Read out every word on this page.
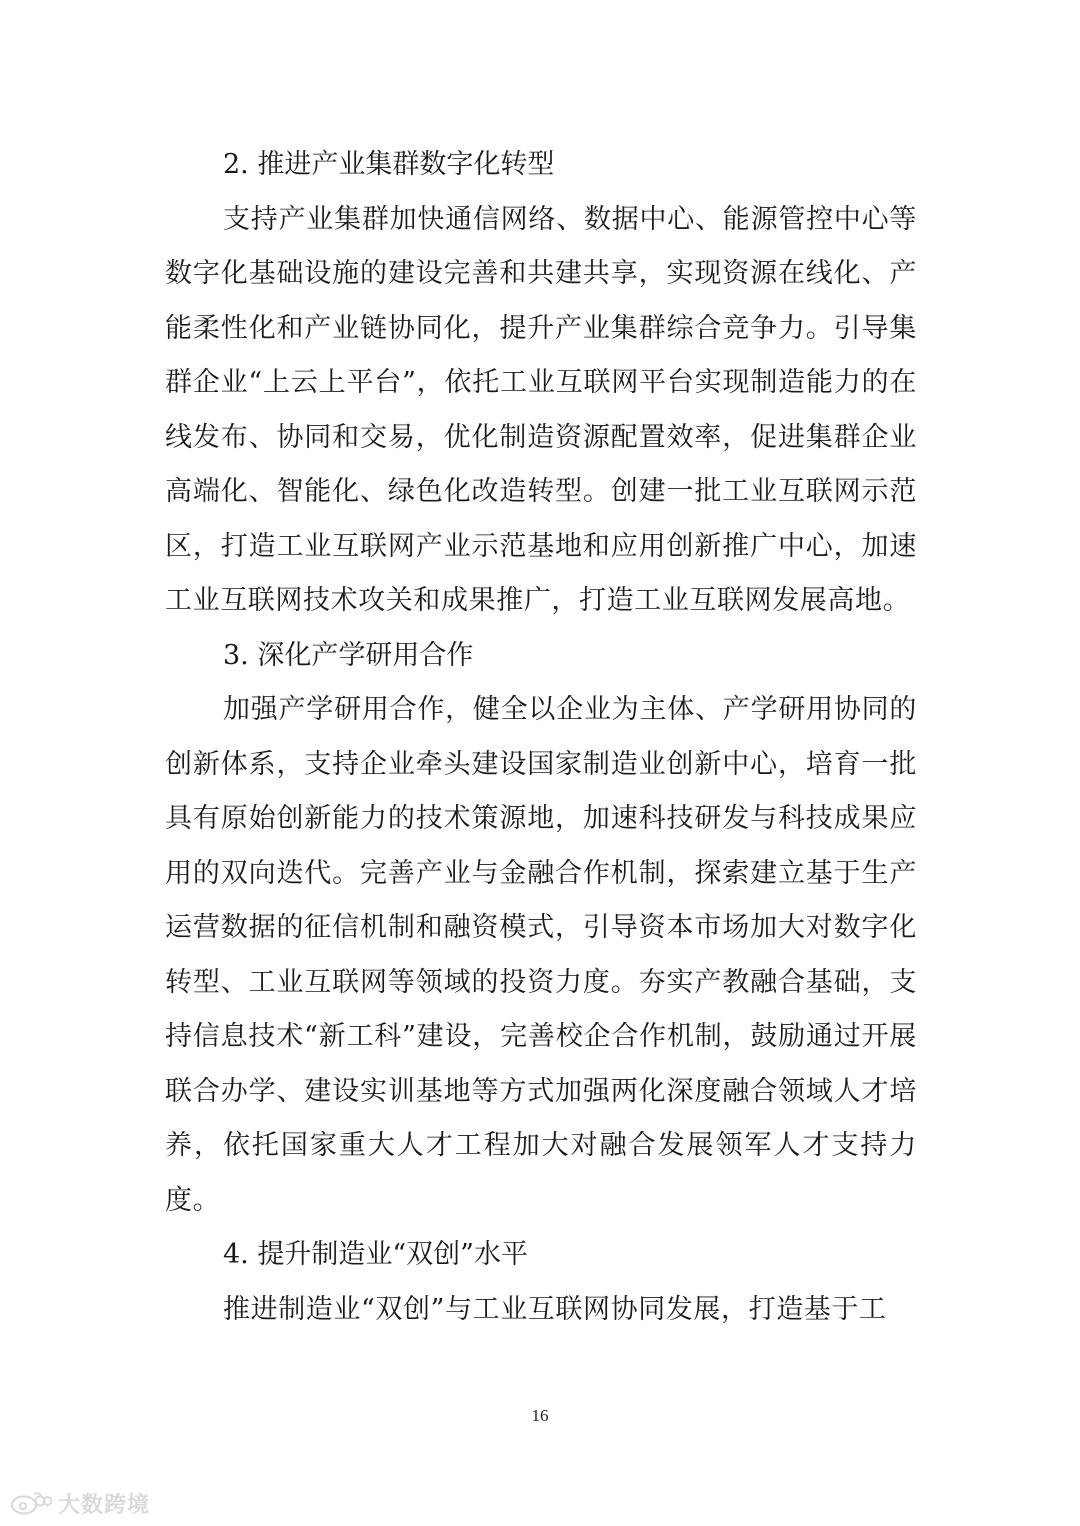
2. 推进产业集群数字化转型

支持产业集群加快通信网络、数据中心、能源管控中心等数字化基础设施的建设完善和共建共享，实现资源在线化、产能柔性化和产业链协同化，提升产业集群综合竞争力。引导集群企业“上云上平台”，依托工业互联网平台实现制造能力的在线发布、协同和交易，优化制造资源配置效率，促进集群企业高端化、智能化、绿色化改造转型。创建一批工业互联网示范区，打造工业互联网产业示范基地和应用创新推广中心，加速工业互联网技术攻关和成果推广，打造工业互联网发展高地。

3. 深化产学研用合作

加强产学研用合作，健全以企业为主体、产学研用协同的创新体系，支持企业牵头建设国家制造业创新中心，培育一批具有原始创新能力的技术策源地，加速科技研发与科技成果应用的双向迭代。完善产业与金融合作机制，探索建立基于生产运营数据的征信机制和融资模式，引导资本市场加大对数字化转型、工业互联网等领域的投资力度。夯实产教融合基础，支持信息技术“新工科”建设，完善校企合作机制，鼓励通过开展联合办学、建设实训基地等方式加强两化深度融合领域人才培养，依托国家重大人才工程加大对融合发展领军人才支持力度。

4. 提升制造业“双创”水平

推进制造业“双创”与工业互联网协同发展，打造基于工

16
大数跨境
